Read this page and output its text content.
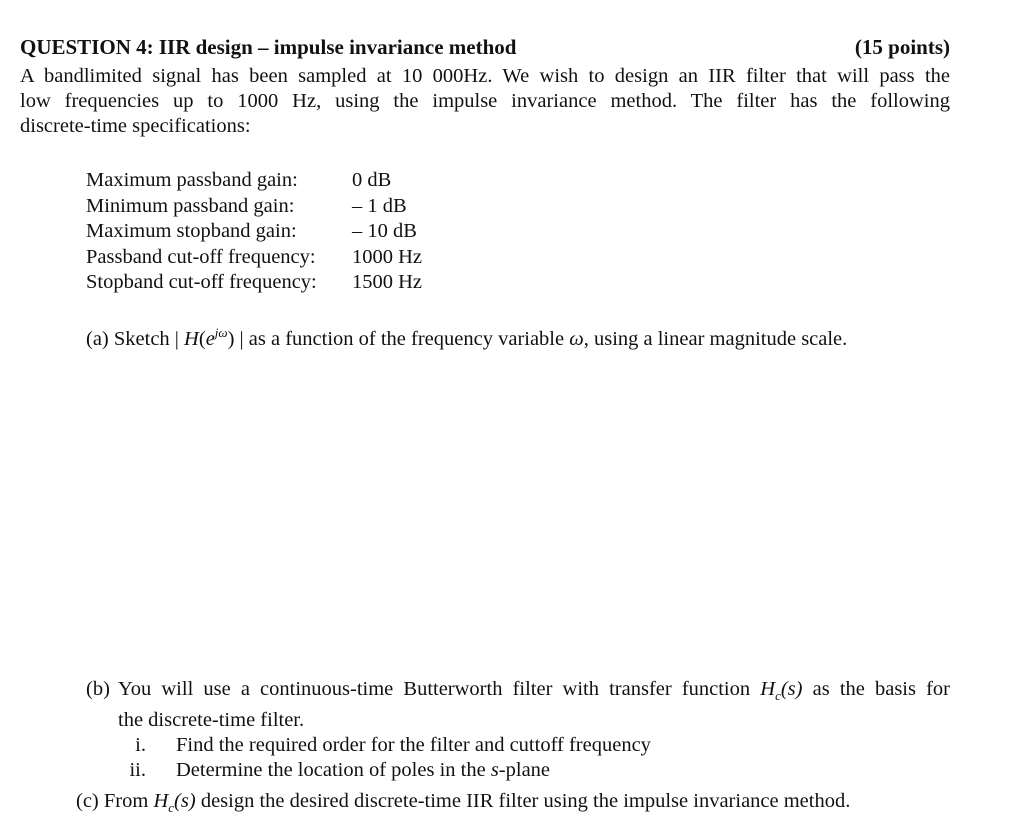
QUESTION 4: IIR design – impulse invariance method	(15 points)
A bandlimited signal has been sampled at 10 000Hz. We wish to design an IIR filter that will pass the
low frequencies up to 1000 Hz, using the impulse invariance method. The filter has the following
discrete-time specifications:
Maximum passband gain:	0 dB
Minimum passband gain:	– 1 dB
Maximum stopband gain:	– 10 dB
Passband cut-off frequency:	1000 Hz
Stopband cut-off frequency:	1500 Hz
(a) Sketch | $H(e^{j\omega})$ | as a function of the frequency variable ω, using a linear magnitude scale.
(b) You will use a continuous-time Butterworth filter with transfer function $H_c(s)$ as the basis for
the discrete-time filter.
i.	Find the required order for the filter and cuttoff frequency
ii.	Determine the location of poles in the s-plane
(c) From $H_c(s)$ design the desired discrete-time IIR filter using the impulse invariance method.
